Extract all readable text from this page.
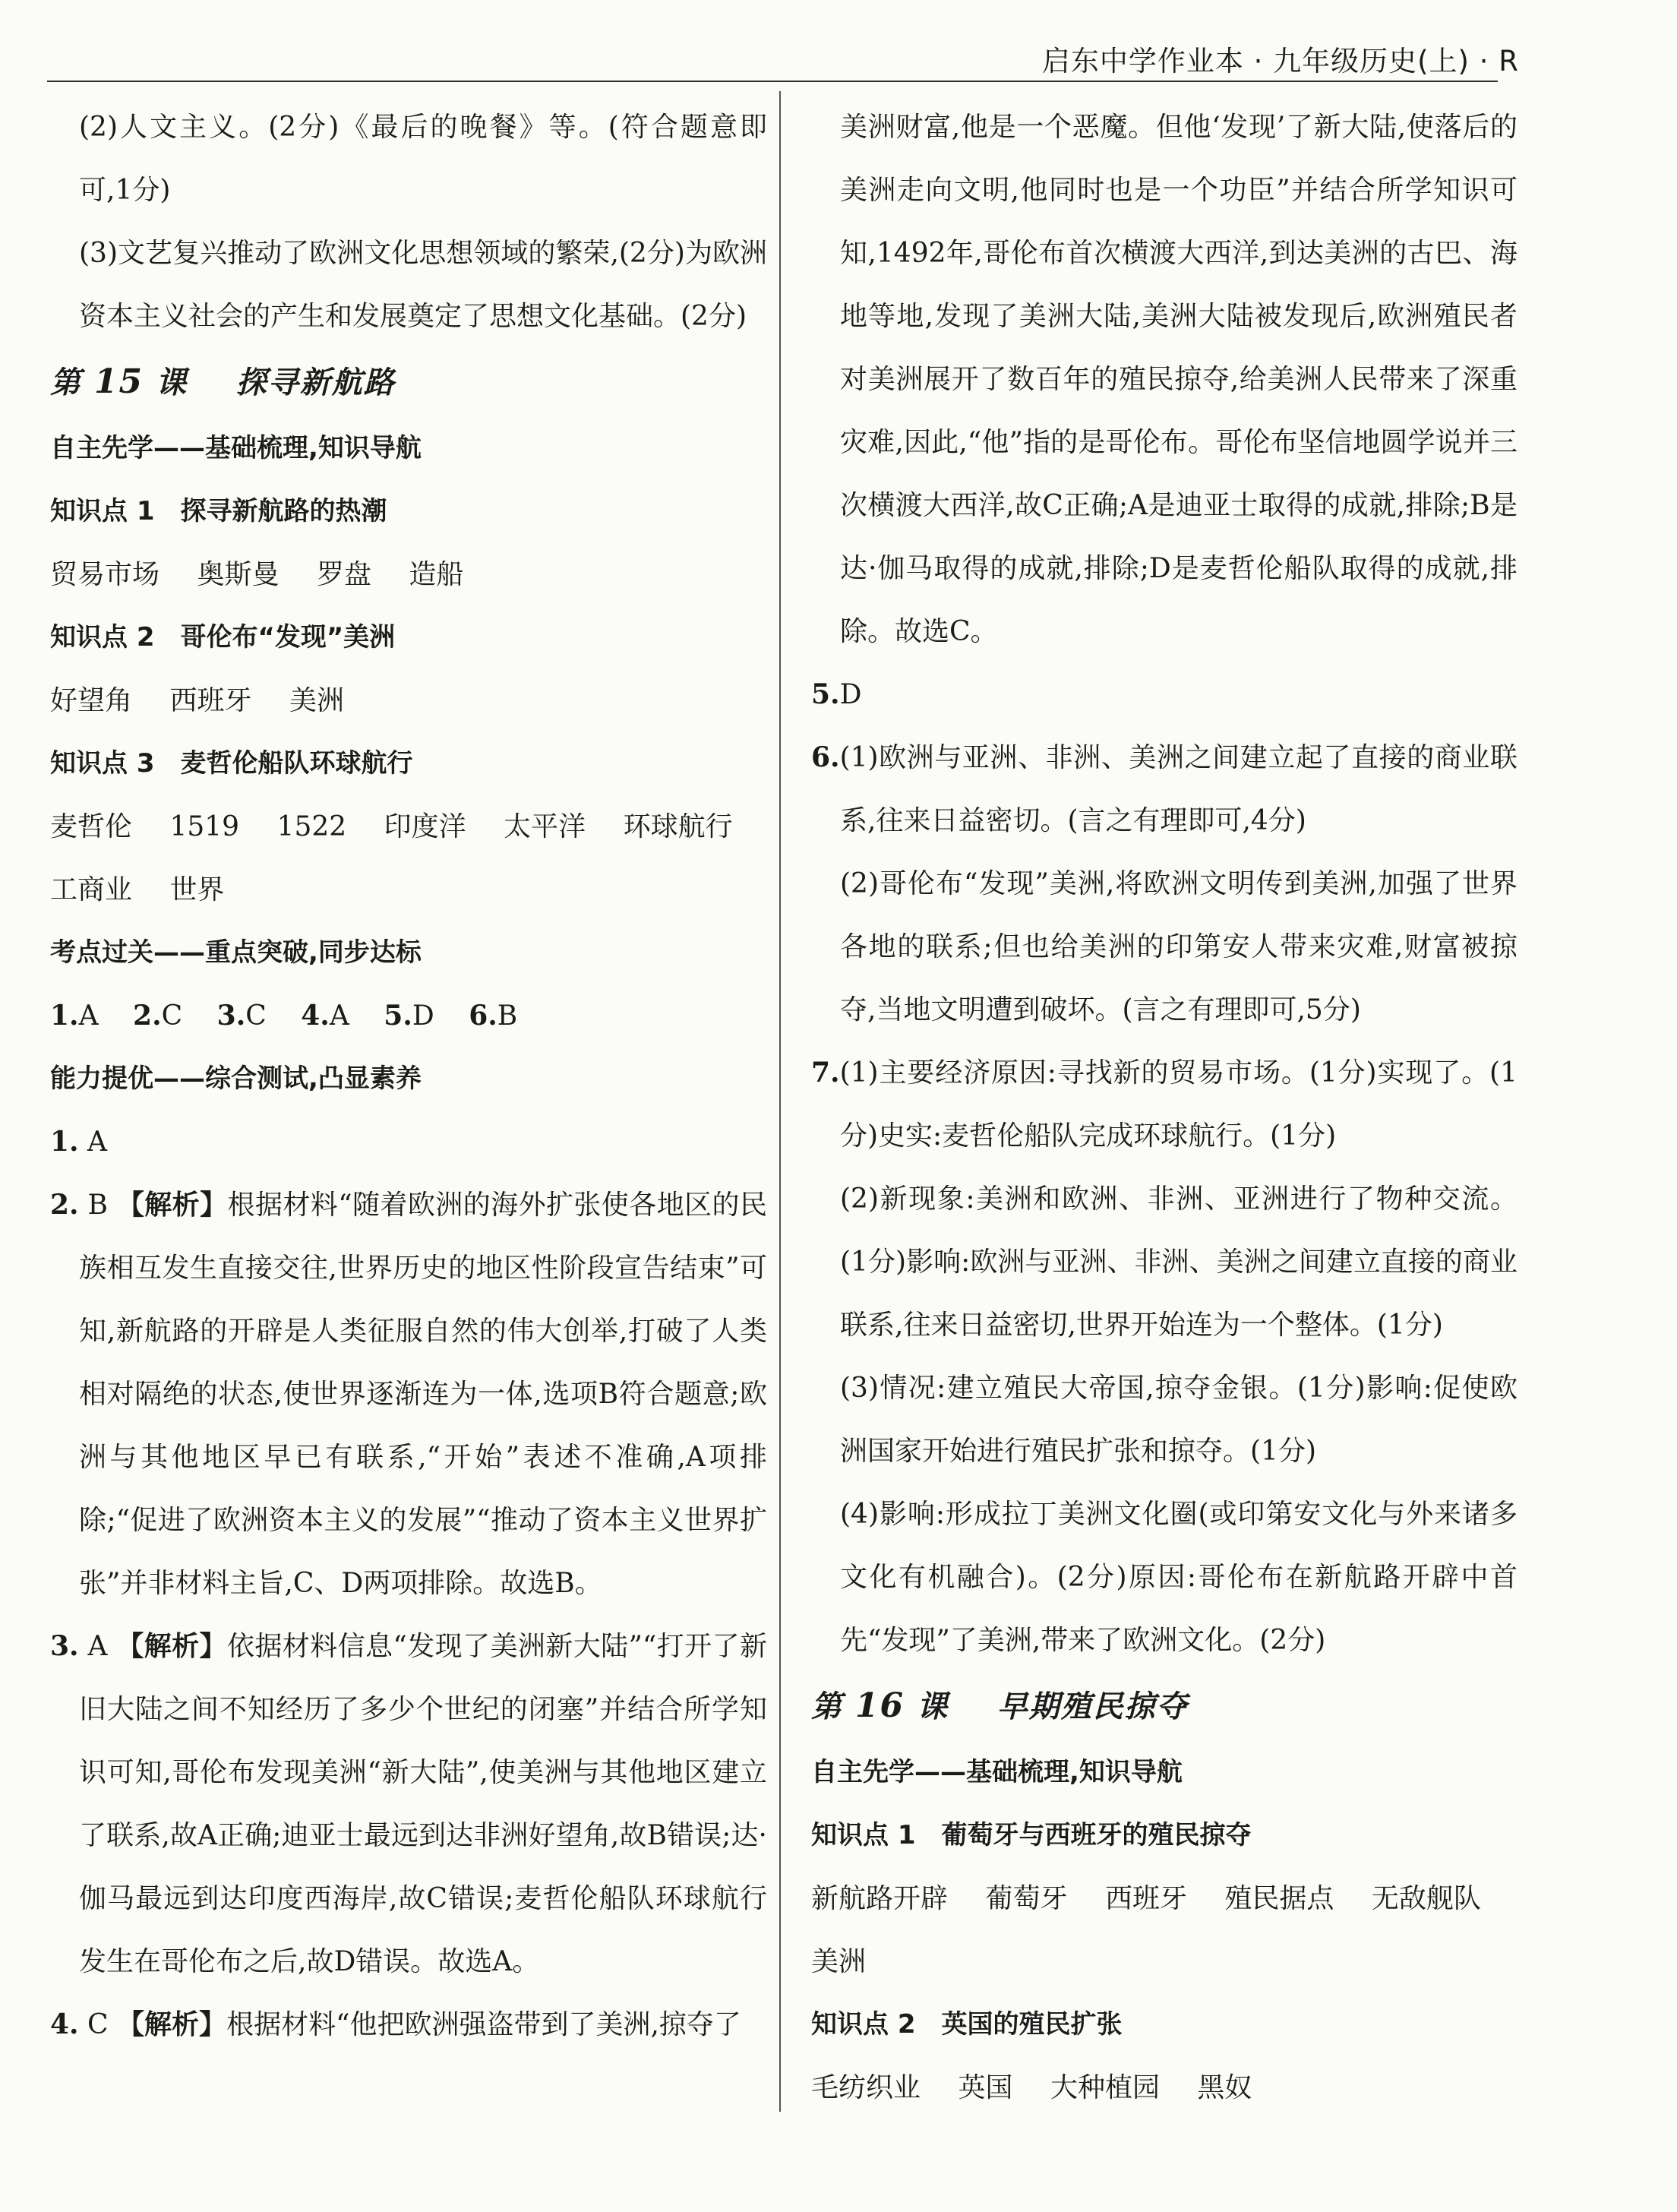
启东中学作业本 · 九年级历史(上) · R
(2)人文主义。(2分)《最后的晚餐》等。(符合题意即可,1分)
(3)文艺复兴推动了欧洲文化思想领域的繁荣,(2分)为欧洲资本主义社会的产生和发展奠定了思想文化基础。(2分)
第 15 课 探寻新航路
自主先学——基础梳理,知识导航
知识点 1　探寻新航路的热潮
贸易市场 奥斯曼 罗盘 造船
知识点 2　哥伦布“发现”美洲
好望角 西班牙 美洲
知识点 3　麦哲伦船队环球航行
麦哲伦 1519 1522 印度洋 太平洋 环球航行
工商业 世界
考点过关——重点突破,同步达标
1.A 2.C 3.C 4.A 5.D 6.B
能力提优——综合测试,凸显素养
1. A
2. B 【解析】根据材料“随着欧洲的海外扩张使各地区的民族相互发生直接交往,世界历史的地区性阶段宣告结束”可知,新航路的开辟是人类征服自然的伟大创举,打破了人类相对隔绝的状态,使世界逐渐连为一体,选项B符合题意;欧洲与其他地区早已有联系,“开始”表述不准确,A项排除;“促进了欧洲资本主义的发展”“推动了资本主义世界扩张”并非材料主旨,C、D两项排除。故选B。
3. A 【解析】依据材料信息“发现了美洲新大陆”“打开了新旧大陆之间不知经历了多少个世纪的闭塞”并结合所学知识可知,哥伦布发现美洲“新大陆”,使美洲与其他地区建立了联系,故A正确;迪亚士最远到达非洲好望角,故B错误;达·伽马最远到达印度西海岸,故C错误;麦哲伦船队环球航行发生在哥伦布之后,故D错误。故选A。
4. C 【解析】根据材料“他把欧洲强盗带到了美洲,掠夺了
美洲财富,他是一个恶魔。但他‘发现’了新大陆,使落后的美洲走向文明,他同时也是一个功臣”并结合所学知识可知,1492年,哥伦布首次横渡大西洋,到达美洲的古巴、海地等地,发现了美洲大陆,美洲大陆被发现后,欧洲殖民者对美洲展开了数百年的殖民掠夺,给美洲人民带来了深重灾难,因此,“他”指的是哥伦布。哥伦布坚信地圆学说并三次横渡大西洋,故C正确;A是迪亚士取得的成就,排除;B是达·伽马取得的成就,排除;D是麦哲伦船队取得的成就,排除。故选C。
5.D
6.(1)欧洲与亚洲、非洲、美洲之间建立起了直接的商业联系,往来日益密切。(言之有理即可,4分)
(2)哥伦布“发现”美洲,将欧洲文明传到美洲,加强了世界各地的联系;但也给美洲的印第安人带来灾难,财富被掠夺,当地文明遭到破坏。(言之有理即可,5分)
7.(1)主要经济原因:寻找新的贸易市场。(1分)实现了。(1分)史实:麦哲伦船队完成环球航行。(1分)
(2)新现象:美洲和欧洲、非洲、亚洲进行了物种交流。(1分)影响:欧洲与亚洲、非洲、美洲之间建立直接的商业联系,往来日益密切,世界开始连为一个整体。(1分)
(3)情况:建立殖民大帝国,掠夺金银。(1分)影响:促使欧洲国家开始进行殖民扩张和掠夺。(1分)
(4)影响:形成拉丁美洲文化圈(或印第安文化与外来诸多文化有机融合)。(2分)原因:哥伦布在新航路开辟中首先“发现”了美洲,带来了欧洲文化。(2分)
第 16 课 早期殖民掠夺
自主先学——基础梳理,知识导航
知识点 1　葡萄牙与西班牙的殖民掠夺
新航路开辟 葡萄牙 西班牙 殖民据点 无敌舰队
美洲
知识点 2　英国的殖民扩张
毛纺织业 英国 大种植园 黑奴
